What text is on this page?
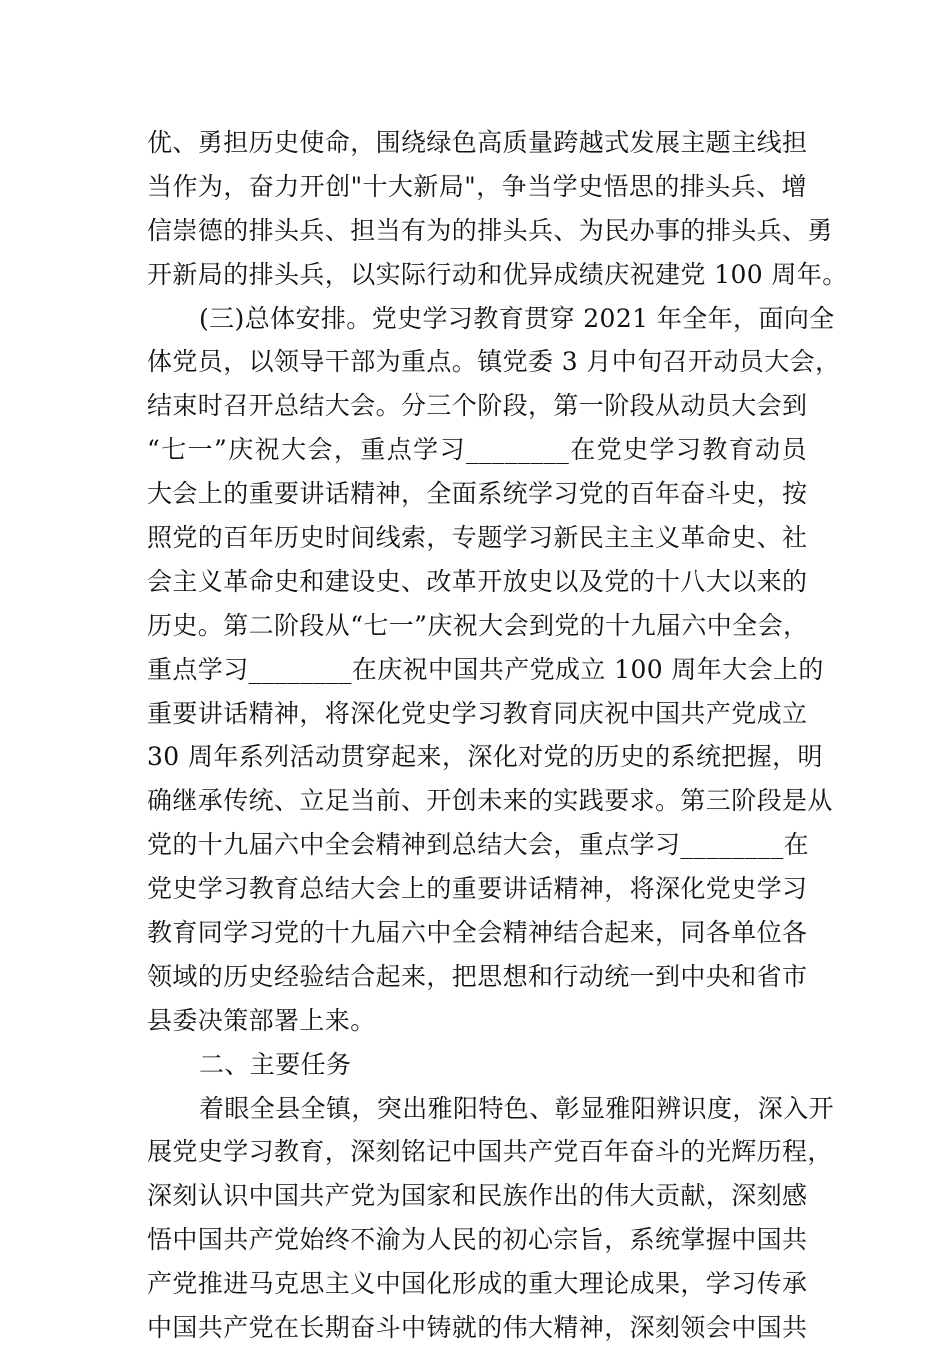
优、勇担历史使命，围绕绿色高质量跨越式发展主题主线担
当作为，奋力开创"十大新局"，争当学史悟思的排头兵、增
信崇德的排头兵、担当有为的排头兵、为民办事的排头兵、勇
开新局的排头兵，以实际行动和优异成绩庆祝建党 100 周年。
(三)总体安排。党史学习教育贯穿 2021 年全年，面向全
体党员，以领导干部为重点。镇党委 3 月中旬召开动员大会，
结束时召开总结大会。分三个阶段，第一阶段从动员大会到
“七一”庆祝大会，重点学习________在党史学习教育动员
大会上的重要讲话精神，全面系统学习党的百年奋斗史，按
照党的百年历史时间线索，专题学习新民主主义革命史、社
会主义革命史和建设史、改革开放史以及党的十八大以来的
历史。第二阶段从“七一”庆祝大会到党的十九届六中全会，
重点学习________在庆祝中国共产党成立 100 周年大会上的
重要讲话精神，将深化党史学习教育同庆祝中国共产党成立
30 周年系列活动贯穿起来，深化对党的历史的系统把握，明
确继承传统、立足当前、开创未来的实践要求。第三阶段是从
党的十九届六中全会精神到总结大会，重点学习________在
党史学习教育总结大会上的重要讲话精神，将深化党史学习
教育同学习党的十九届六中全会精神结合起来，同各单位各
领域的历史经验结合起来，把思想和行动统一到中央和省市
县委决策部署上来。
二、主要任务
着眼全县全镇，突出雅阳特色、彰显雅阳辨识度，深入开
展党史学习教育，深刻铭记中国共产党百年奋斗的光辉历程，
深刻认识中国共产党为国家和民族作出的伟大贡献，深刻感
悟中国共产党始终不渝为人民的初心宗旨，系统掌握中国共
产党推进马克思主义中国化形成的重大理论成果，学习传承
中国共产党在长期奋斗中铸就的伟大精神，深刻领会中国共
